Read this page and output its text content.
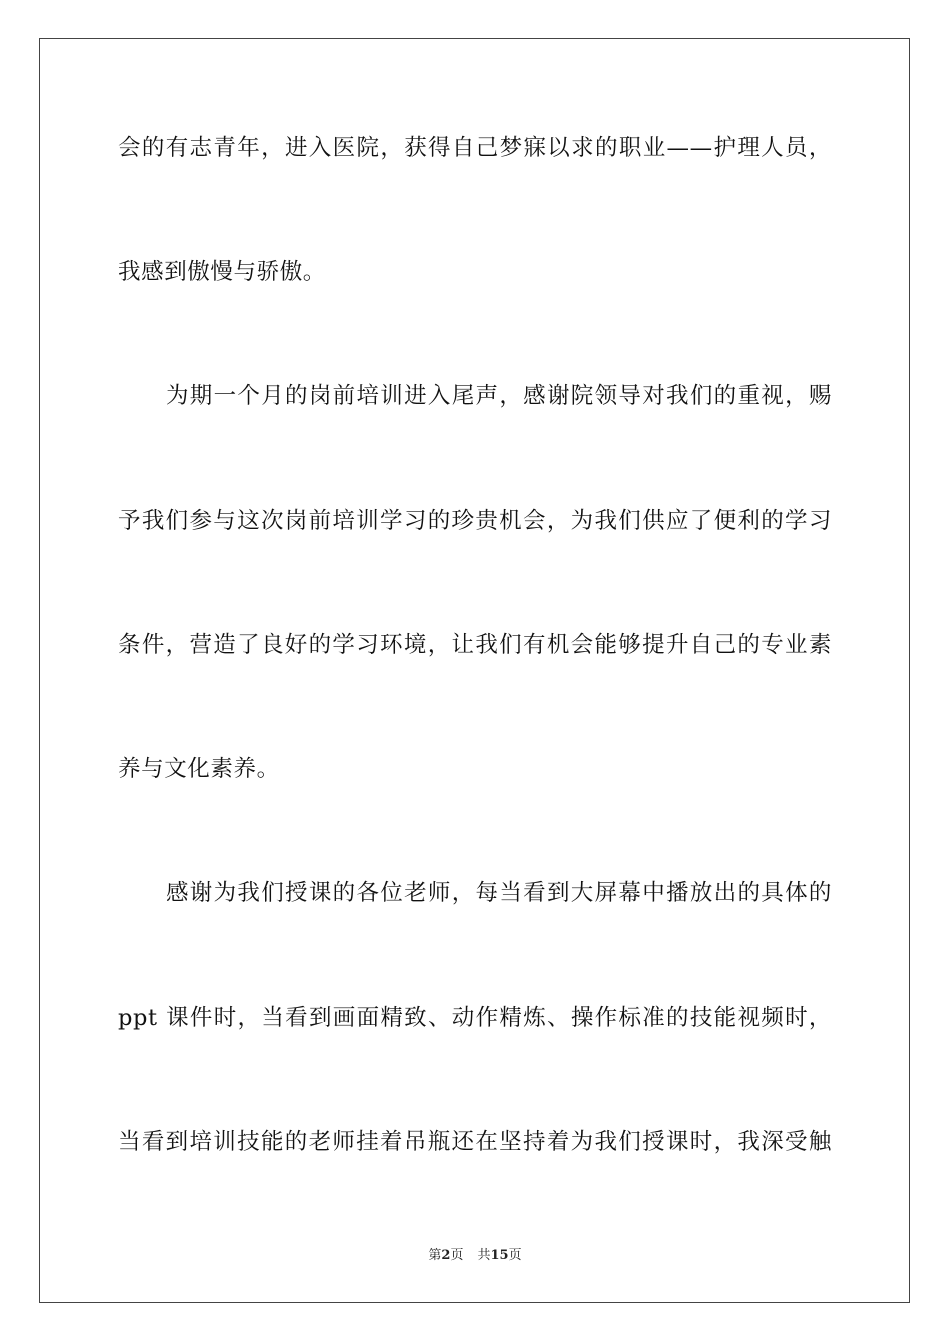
会的有志青年，进入医院，获得自己梦寐以求的职业——护理人员，
我感到傲慢与骄傲。
为期一个月的岗前培训进入尾声，感谢院领导对我们的重视，赐
予我们参与这次岗前培训学习的珍贵机会，为我们供应了便利的学习
条件，营造了良好的学习环境，让我们有机会能够提升自己的专业素
养与文化素养。
感谢为我们授课的各位老师，每当看到大屏幕中播放出的具体的
ppt 课件时，当看到画面精致、动作精炼、操作标准的技能视频时，
当看到培训技能的老师挂着吊瓶还在坚持着为我们授课时，我深受触
第2页 共15页
